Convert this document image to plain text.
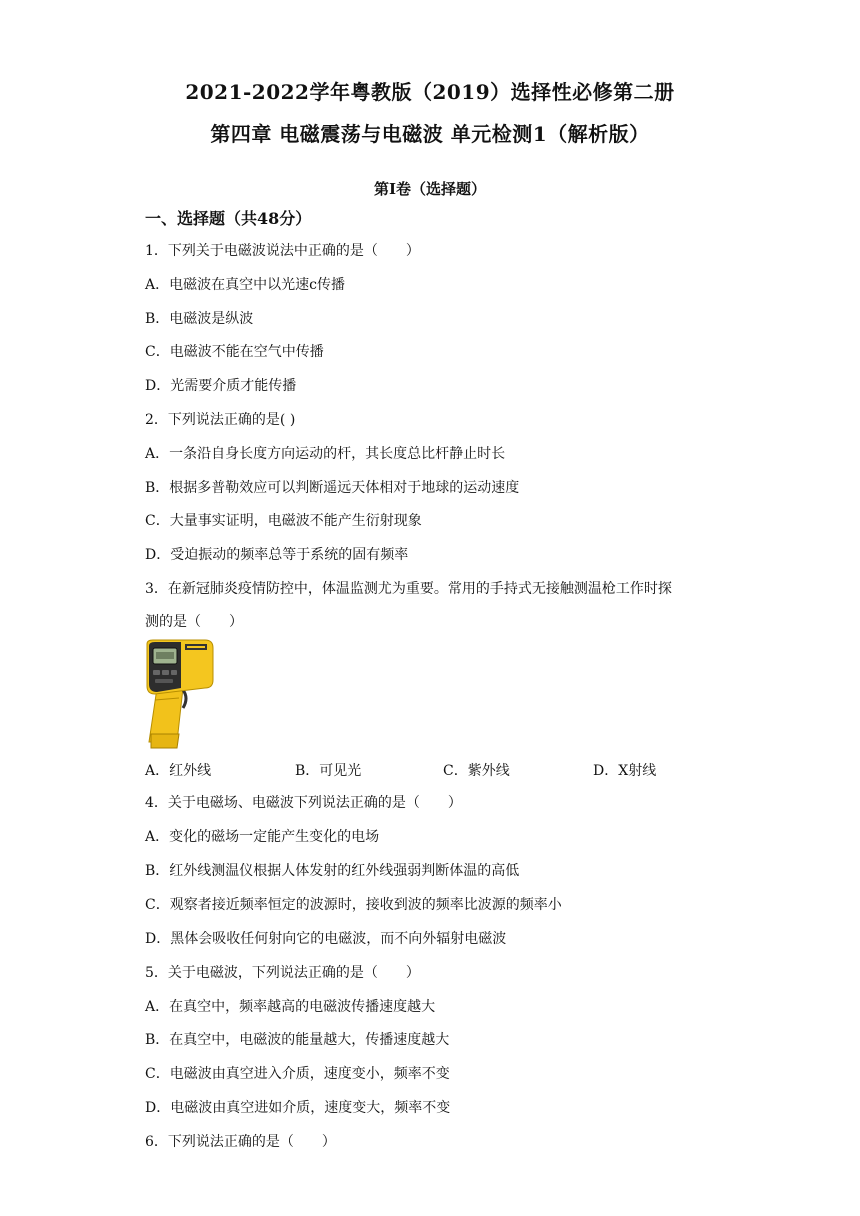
2021-2022学年粤教版（2019）选择性必修第二册
第四章 电磁震荡与电磁波 单元检测1（解析版）
第Ⅰ卷（选择题）
一、选择题（共48分）
1．下列关于电磁波说法中正确的是（　　）
A．电磁波在真空中以光速c传播
B．电磁波是纵波
C．电磁波不能在空气中传播
D．光需要介质才能传播
2．下列说法正确的是( )
A．一条沿自身长度方向运动的杆，其长度总比杆静止时长
B．根据多普勒效应可以判断遥远天体相对于地球的运动速度
C．大量事实证明，电磁波不能产生衍射现象
D．受迫振动的频率总等于系统的固有频率
3．在新冠肺炎疫情防控中，体温监测尤为重要。常用的手持式无接触测温枪工作时探
测的是（　　）
A．红外线	B．可见光	C．紫外线	D．X射线
4．关于电磁场、电磁波下列说法正确的是（　　）
A．变化的磁场一定能产生变化的电场
B．红外线测温仪根据人体发射的红外线强弱判断体温的高低
C．观察者接近频率恒定的波源时，接收到波的频率比波源的频率小
D．黑体会吸收任何射向它的电磁波，而不向外辐射电磁波
5．关于电磁波，下列说法正确的是（　　）
A．在真空中，频率越高的电磁波传播速度越大
B．在真空中，电磁波的能量越大，传播速度越大
C．电磁波由真空进入介质，速度变小，频率不变
D．电磁波由真空进如介质，速度变大，频率不变
6．下列说法正确的是（　　）
